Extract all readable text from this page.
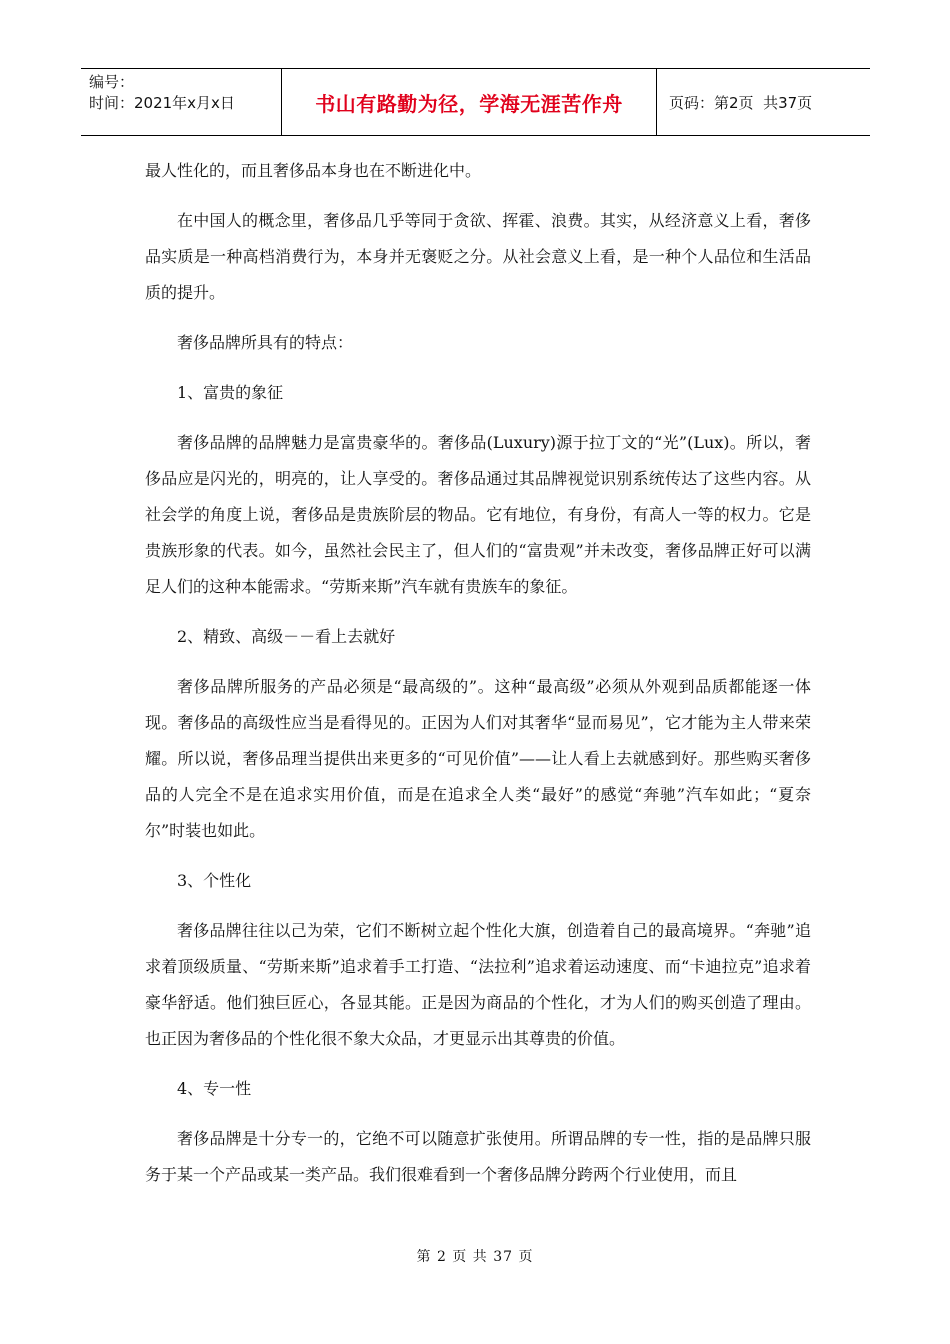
编号：
时间：2021年x月x日	书山有路勤为径，学海无涯苦作舟	页码：第2页  共37页

最人性化的，而且奢侈品本身也在不断进化中。

在中国人的概念里，奢侈品几乎等同于贪欲、挥霍、浪费。其实，从经济意义上看，奢侈品实质是一种高档消费行为，本身并无褒贬之分。从社会意义上看，是一种个人品位和生活品质的提升。

奢侈品牌所具有的特点：

1、富贵的象征

奢侈品牌的品牌魅力是富贵豪华的。奢侈品(Luxury)源于拉丁文的“光”(Lux)。所以，奢侈品应是闪光的，明亮的，让人享受的。奢侈品通过其品牌视觉识别系统传达了这些内容。从社会学的角度上说，奢侈品是贵族阶层的物品。它有地位，有身份，有高人一等的权力。它是贵族形象的代表。如今，虽然社会民主了，但人们的“富贵观”并未改变，奢侈品牌正好可以满足人们的这种本能需求。“劳斯来斯”汽车就有贵族车的象征。

2、精致、高级－－看上去就好

奢侈品牌所服务的产品必须是“最高级的”。这种“最高级”必须从外观到品质都能逐一体现。奢侈品的高级性应当是看得见的。正因为人们对其奢华“显而易见”，它才能为主人带来荣耀。所以说，奢侈品理当提供出来更多的“可见价值”——让人看上去就感到好。那些购买奢侈品的人完全不是在追求实用价值，而是在追求全人类“最好”的感觉“奔驰”汽车如此；“夏奈尔”时装也如此。

3、个性化

奢侈品牌往往以己为荣，它们不断树立起个性化大旗，创造着自己的最高境界。“奔驰”追求着顶级质量、“劳斯来斯”追求着手工打造、“法拉利”追求着运动速度、而“卡迪拉克”追求着豪华舒适。他们独巨匠心，各显其能。正是因为商品的个性化，才为人们的购买创造了理由。也正因为奢侈品的个性化很不象大众品，才更显示出其尊贵的价值。

4、专一性

奢侈品牌是十分专一的，它绝不可以随意扩张使用。所谓品牌的专一性，指的是品牌只服务于某一个产品或某一类产品。我们很难看到一个奢侈品牌分跨两个行业使用，而且

第 2 页 共 37 页
